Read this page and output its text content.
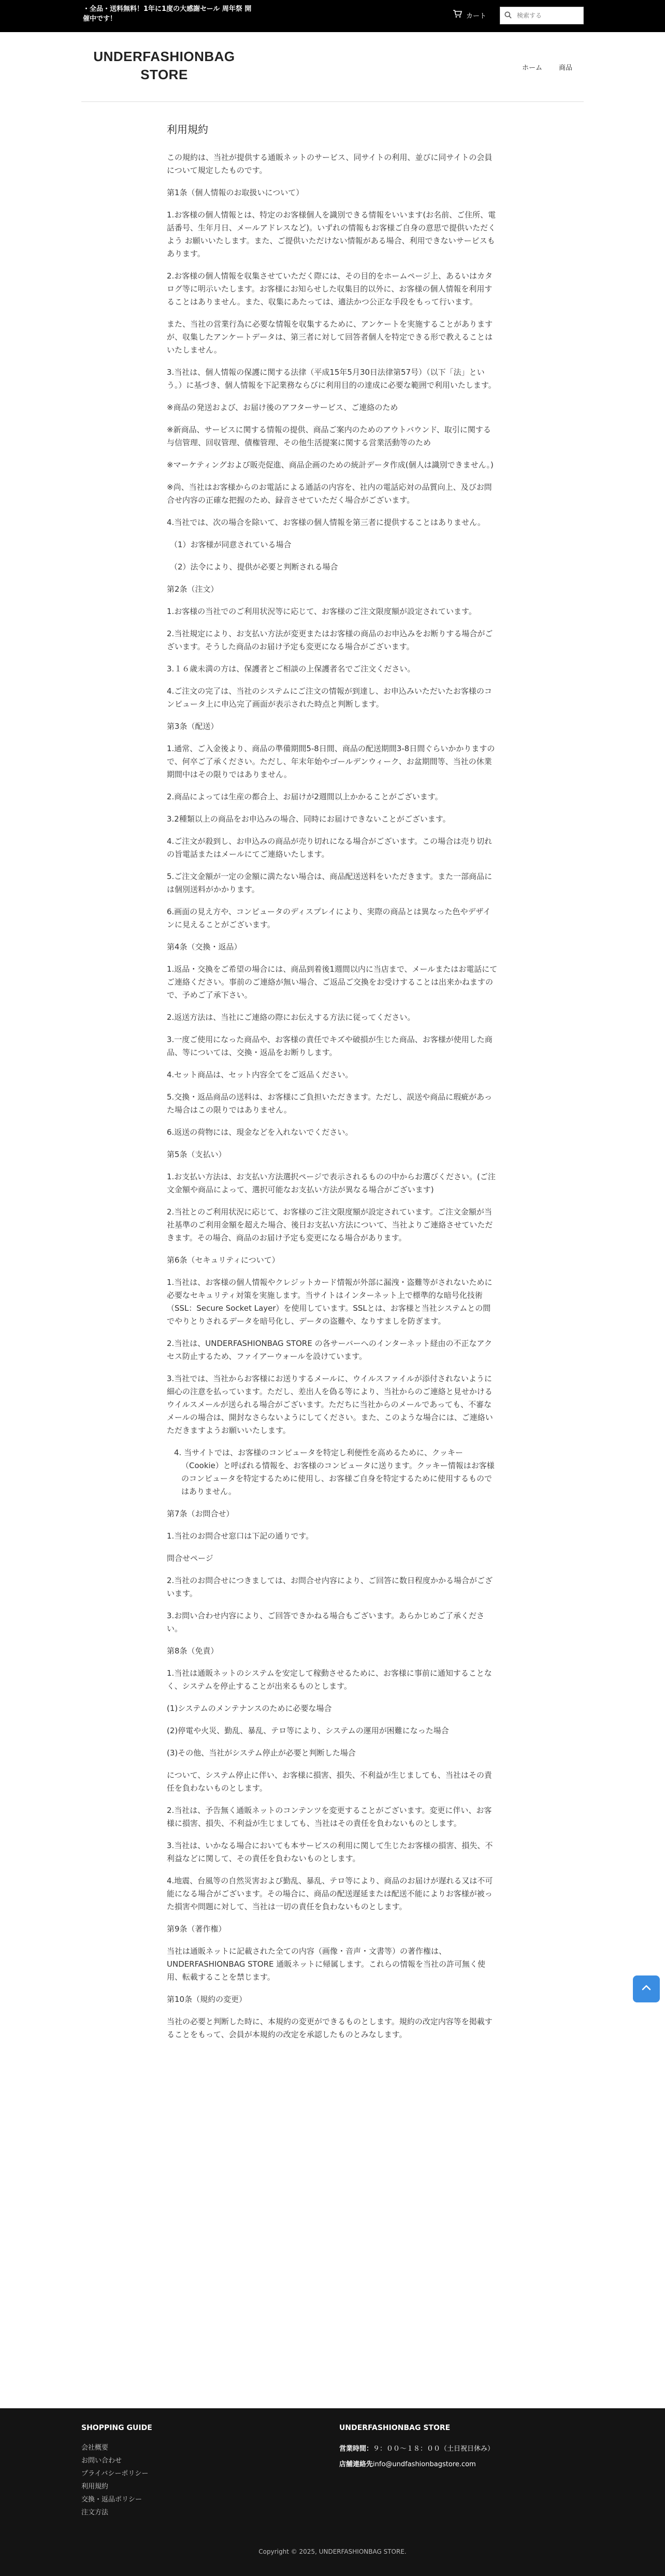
・全品・送料無料！1年に1度の大感謝セール 周年祭 開催中です！	カート
検索する
UNDERFASHIONBAG
STORE	ホーム 商品
利用規約

この規約は、当社が提供する通販ネットのサービス、同サイトの利用、並びに同サイトの会員について規定したものです。

第1条（個人情報のお取扱いについて）

1.お客様の個人情報とは、特定のお客様個人を識別できる情報をいいます(お名前、ご住所、電話番号、生年月日、メールアドレスなど)。いずれの情報もお客様ご自身の意思で提供いただくよう お願いいたします。また、ご提供いただけない情報がある場合、利用できないサービスもあります。

2.お客様の個人情報を収集させていただく際には、その目的をホームページ上、あるいはカタログ等に明示いたします。お客様にお知らせした収集目的以外に、お客様の個人情報を利用することはありません。また、収集にあたっては、適法かつ公正な手段をもって行います。

また、当社の営業行為に必要な情報を収集するために、アンケートを実施することがありますが、収集したアンケートデータは、第三者に対して回答者個人を特定できる形で教えることはいたしません。

3.当社は、個人情報の保護に関する法律（平成15年5月30日法律第57号）（以下「法」という。）に基づき、個人情報を下記業務ならびに利用目的の達成に必要な範囲で利用いたします。

※商品の発送および、お届け後のアフターサービス、ご連絡のため

※新商品、サービスに関する情報の提供、商品ご案内のためのアウトバウンド、取引に関する与信管理、回収管理、債権管理、その他生活提案に関する営業活動等のため

※マーケティングおよび販売促進、商品企画のための統計データ作成(個人は識別できません。)

※尚、当社はお客様からのお電話による通話の内容を、社内の電話応対の品質向上、及びお問合せ内容の正確な把握のため、録音させていただく場合がございます。

4.当社では、次の場合を除いて、お客様の個人情報を第三者に提供することはありません。

（1）お客様が同意されている場合

（2）法令により、提供が必要と判断される場合

第2条（注文）

1.お客様の当社でのご利用状況等に応じて、お客様のご注文限度額が設定されています。

2.当社規定により、お支払い方法が変更またはお客様の商品のお申込みをお断りする場合がございます。そうした商品のお届け予定も変更になる場合がございます。

3.１６歳未満の方は、保護者とご相談の上保護者名でご注文ください。

4.ご注文の完了は、当社のシステムにご注文の情報が到達し、お申込みいただいたお客様のコンピュータ上に申込完了画面が表示された時点と判断します。

第3条（配送）

1.通常、ご入金後より、商品の準備期間5-8日間、商品の配送期間3-8日間ぐらいかかりますので、何卒ご了承ください。ただし、年末年始やゴールデンウィーク、お盆期間等、当社の休業期間中はその限りではありません。

2.商品によっては生産の都合上、お届けが2週間以上かかることがございます。

3.2種類以上の商品をお申込みの場合、同時にお届けできないことがございます。

4.ご注文が殺到し、お申込みの商品が売り切れになる場合がございます。この場合は売り切れの旨電話またはメールにてご連絡いたします。

5.ご注文金額が一定の金額に満たない場合は、商品配送送料をいただきます。また一部商品には個別送料がかかります。

6.画面の見え方や、コンピュータのディスプレイにより、実際の商品とは異なった色やデザインに見えることがございます。

第4条（交換・返品）

1.返品・交換をご希望の場合には、商品到着後1週間以内に当店まで、メールまたはお電話にてご連絡ください。事前のご連絡が無い場合、ご返品ご交換をお受けすることは出来かねますので、予めご了承下さい。

2.返送方法は、当社にご連絡の際にお伝えする方法に従ってください。

3.一度ご使用になった商品や、お客様の責任でキズや破損が生じた商品、お客様が使用した商品、等については、交換・返品をお断りします。

4.セット商品は、セット内容全てをご返品ください。

5.交換・返品商品の送料は、お客様にご負担いただきます。ただし、誤送や商品に瑕疵があった場合はこの限りではありません。

6.返送の荷物には、現金などを入れないでください。

第5条（支払い）

1.お支払い方法は、お支払い方法選択ページで表示されるものの中からお選びください。(ご注文金額や商品によって、選択可能なお支払い方法が異なる場合がございます)

2.当社とのご利用状況に応じて、お客様のご注文限度額が設定されています。ご注文金額が当社基準のご利用金額を超えた場合、後日お支払い方法について、当社よりご連絡させていただきます。その場合、商品のお届け予定も変更になる場合があります。

第6条（セキュリティについて）

1.当社は、お客様の個人情報やクレジットカード情報が外部に漏洩・盗難等がされないために必要なセキュリティ対策を実施します。当サイトはインターネット上で標準的な暗号化技術（SSL：Secure Socket Layer）を使用しています。SSLとは、お客様と当社システムとの間でやりとりされるデータを暗号化し、データの盗難や、なりすましを防ぎます。

2.当社は、UNDERFASHIONBAG STORE の各サーバーへのインターネット経由の不正なアクセス防止するため、ファイアーウォールを設けています。

3.当社では、当社からお客様にお送りするメールに、ウイルスファイルが添付されないように細心の注意を払っています。ただし、差出人を偽る等により、当社からのご連絡と見せかけるウイルスメールが送られる場合がございます。ただちに当社からのメールであっても、不審なメールの場合は、開封なさらないようにしてください。また、このような場合には、ご連絡いただきますようお願いいたします。

4. 当サイトでは、お客様のコンピュータを特定し利便性を高めるために、クッキー（Cookie）と呼ばれる情報を、お客様のコンピュータに送ります。クッキー情報はお客様のコンピュータを特定するために使用し、お客様ご自身を特定するために使用するものではありません。

第7条（お問合せ）

1.当社のお問合せ窓口は下記の通りです。

問合せページ

2.当社のお問合せにつきましては、お問合せ内容により、ご回答に数日程度かかる場合がございます。

3.お問い合わせ内容により、ご回答できかねる場合もございます。あらかじめご了承ください。

第8条（免責）

1.当社は通販ネットのシステムを安定して稼動させるために、お客様に事前に通知することなく、システムを停止することが出来るものとします。

(1)システムのメンテナンスのために必要な場合

(2)停電や火災、勤乱、暴乱、テロ等により、システムの運用が困難になった場合

(3)その他、当社がシステム停止が必要と判断した場合

について、システム停止に伴い、お客様に損害、損失、不利益が生じましても、当社はその責任を負わないものとします。

2.当社は、予告無く通販ネットのコンテンツを変更することがございます。変更に伴い、お客様に損害、損失、不利益が生じましても、当社はその責任を負わないものとします。

3.当社は、いかなる場合においても本サービスの利用に関して生じたお客様の損害、損失、不利益などに関して、その責任を負わないものとします。

4.地震、台風等の自然災害および勤乱、暴乱、テロ等により、商品のお届けが遅れる又は不可能になる場合がございます。その場合に、商品の配送遅延または配送不能によりお客様が被った損害や問題に対して、当社は一切の責任を負わないものとします。

第9条（著作権）

当社は通販ネットに記載された全ての内容（画像・音声・文書等）の著作権は、UNDERFASHIONBAG STORE 通販ネットに帰属します。これらの情報を当社の許可無く使用、転載することを禁じます。

第10条（規約の変更）

当社の必要と判断した時に、本規約の変更ができるものとします。規約の改定内容等を掲載することをもって、会員が本規約の改定を承認したものとみなします。

SHOPPING GUIDE
会社概要
お問い合わせ
プライバシーポリシー
利用規約
交換・返品ポリシー
注文方法
UNDERFASHIONBAG STORE
営業時間：９：００〜１８：００（土日祝日休み）
店舗連絡先info@undfashionbagstore.com
Copyright © 2025, UNDERFASHIONBAG STORE.
